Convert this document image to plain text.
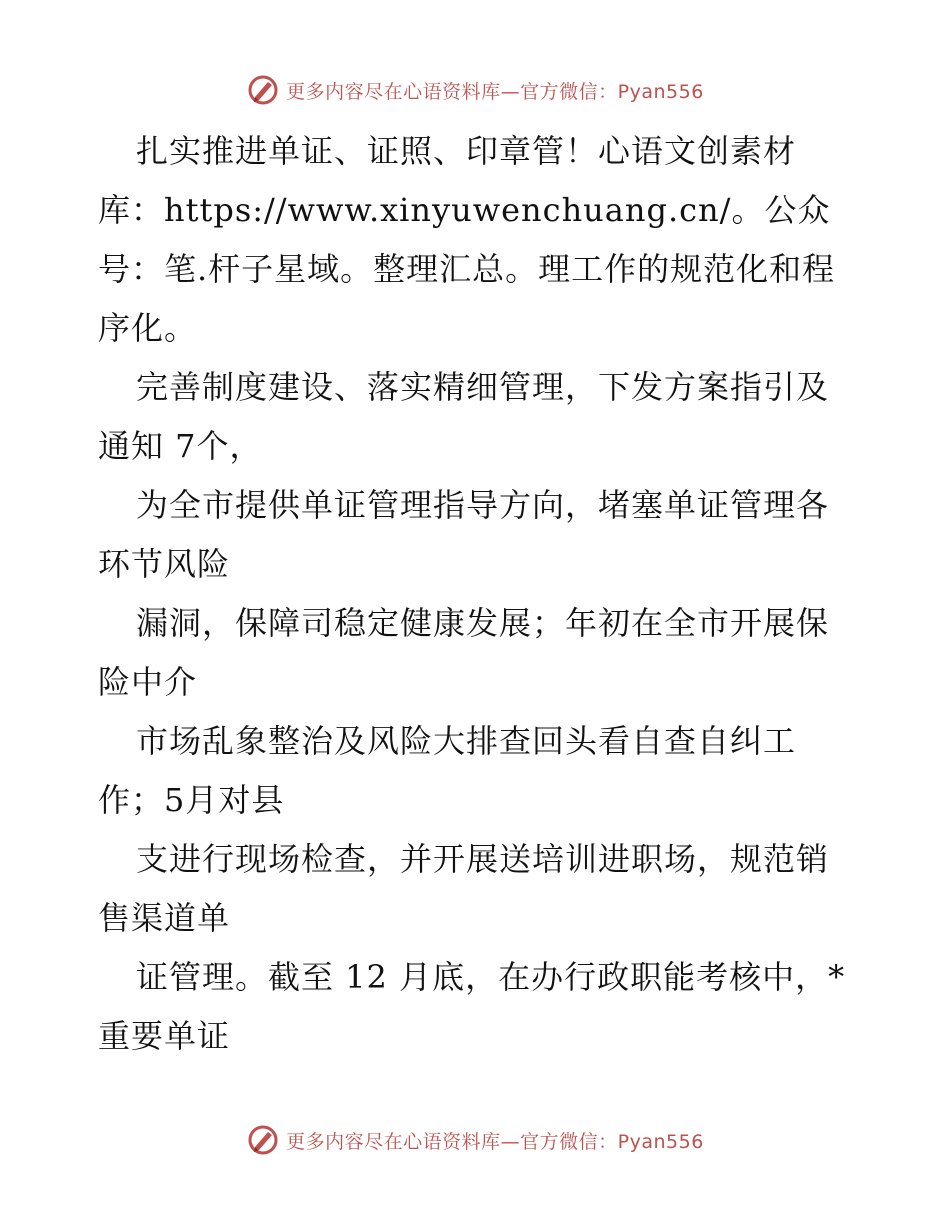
更多内容尽在心语资料库—官方微信：Pyan556

扎实推进单证、证照、印章管！心语文创素材库：https://www.xinyuwenchuang.cn/。公众号：笔.杆子星域。整理汇总。理工作的规范化和程序化。

完善制度建设、落实精细管理，下发方案指引及通知 7个，

为全市提供单证管理指导方向，堵塞单证管理各环节风险

漏洞，保障司稳定健康发展；年初在全市开展保险中介

市场乱象整治及风险大排查回头看自查自纠工作；5月对县

支进行现场检查，并开展送培训进职场，规范销售渠道单

证管理。截至 12 月底，在办行政职能考核中，*重要单证

更多内容尽在心语资料库—官方微信：Pyan556
